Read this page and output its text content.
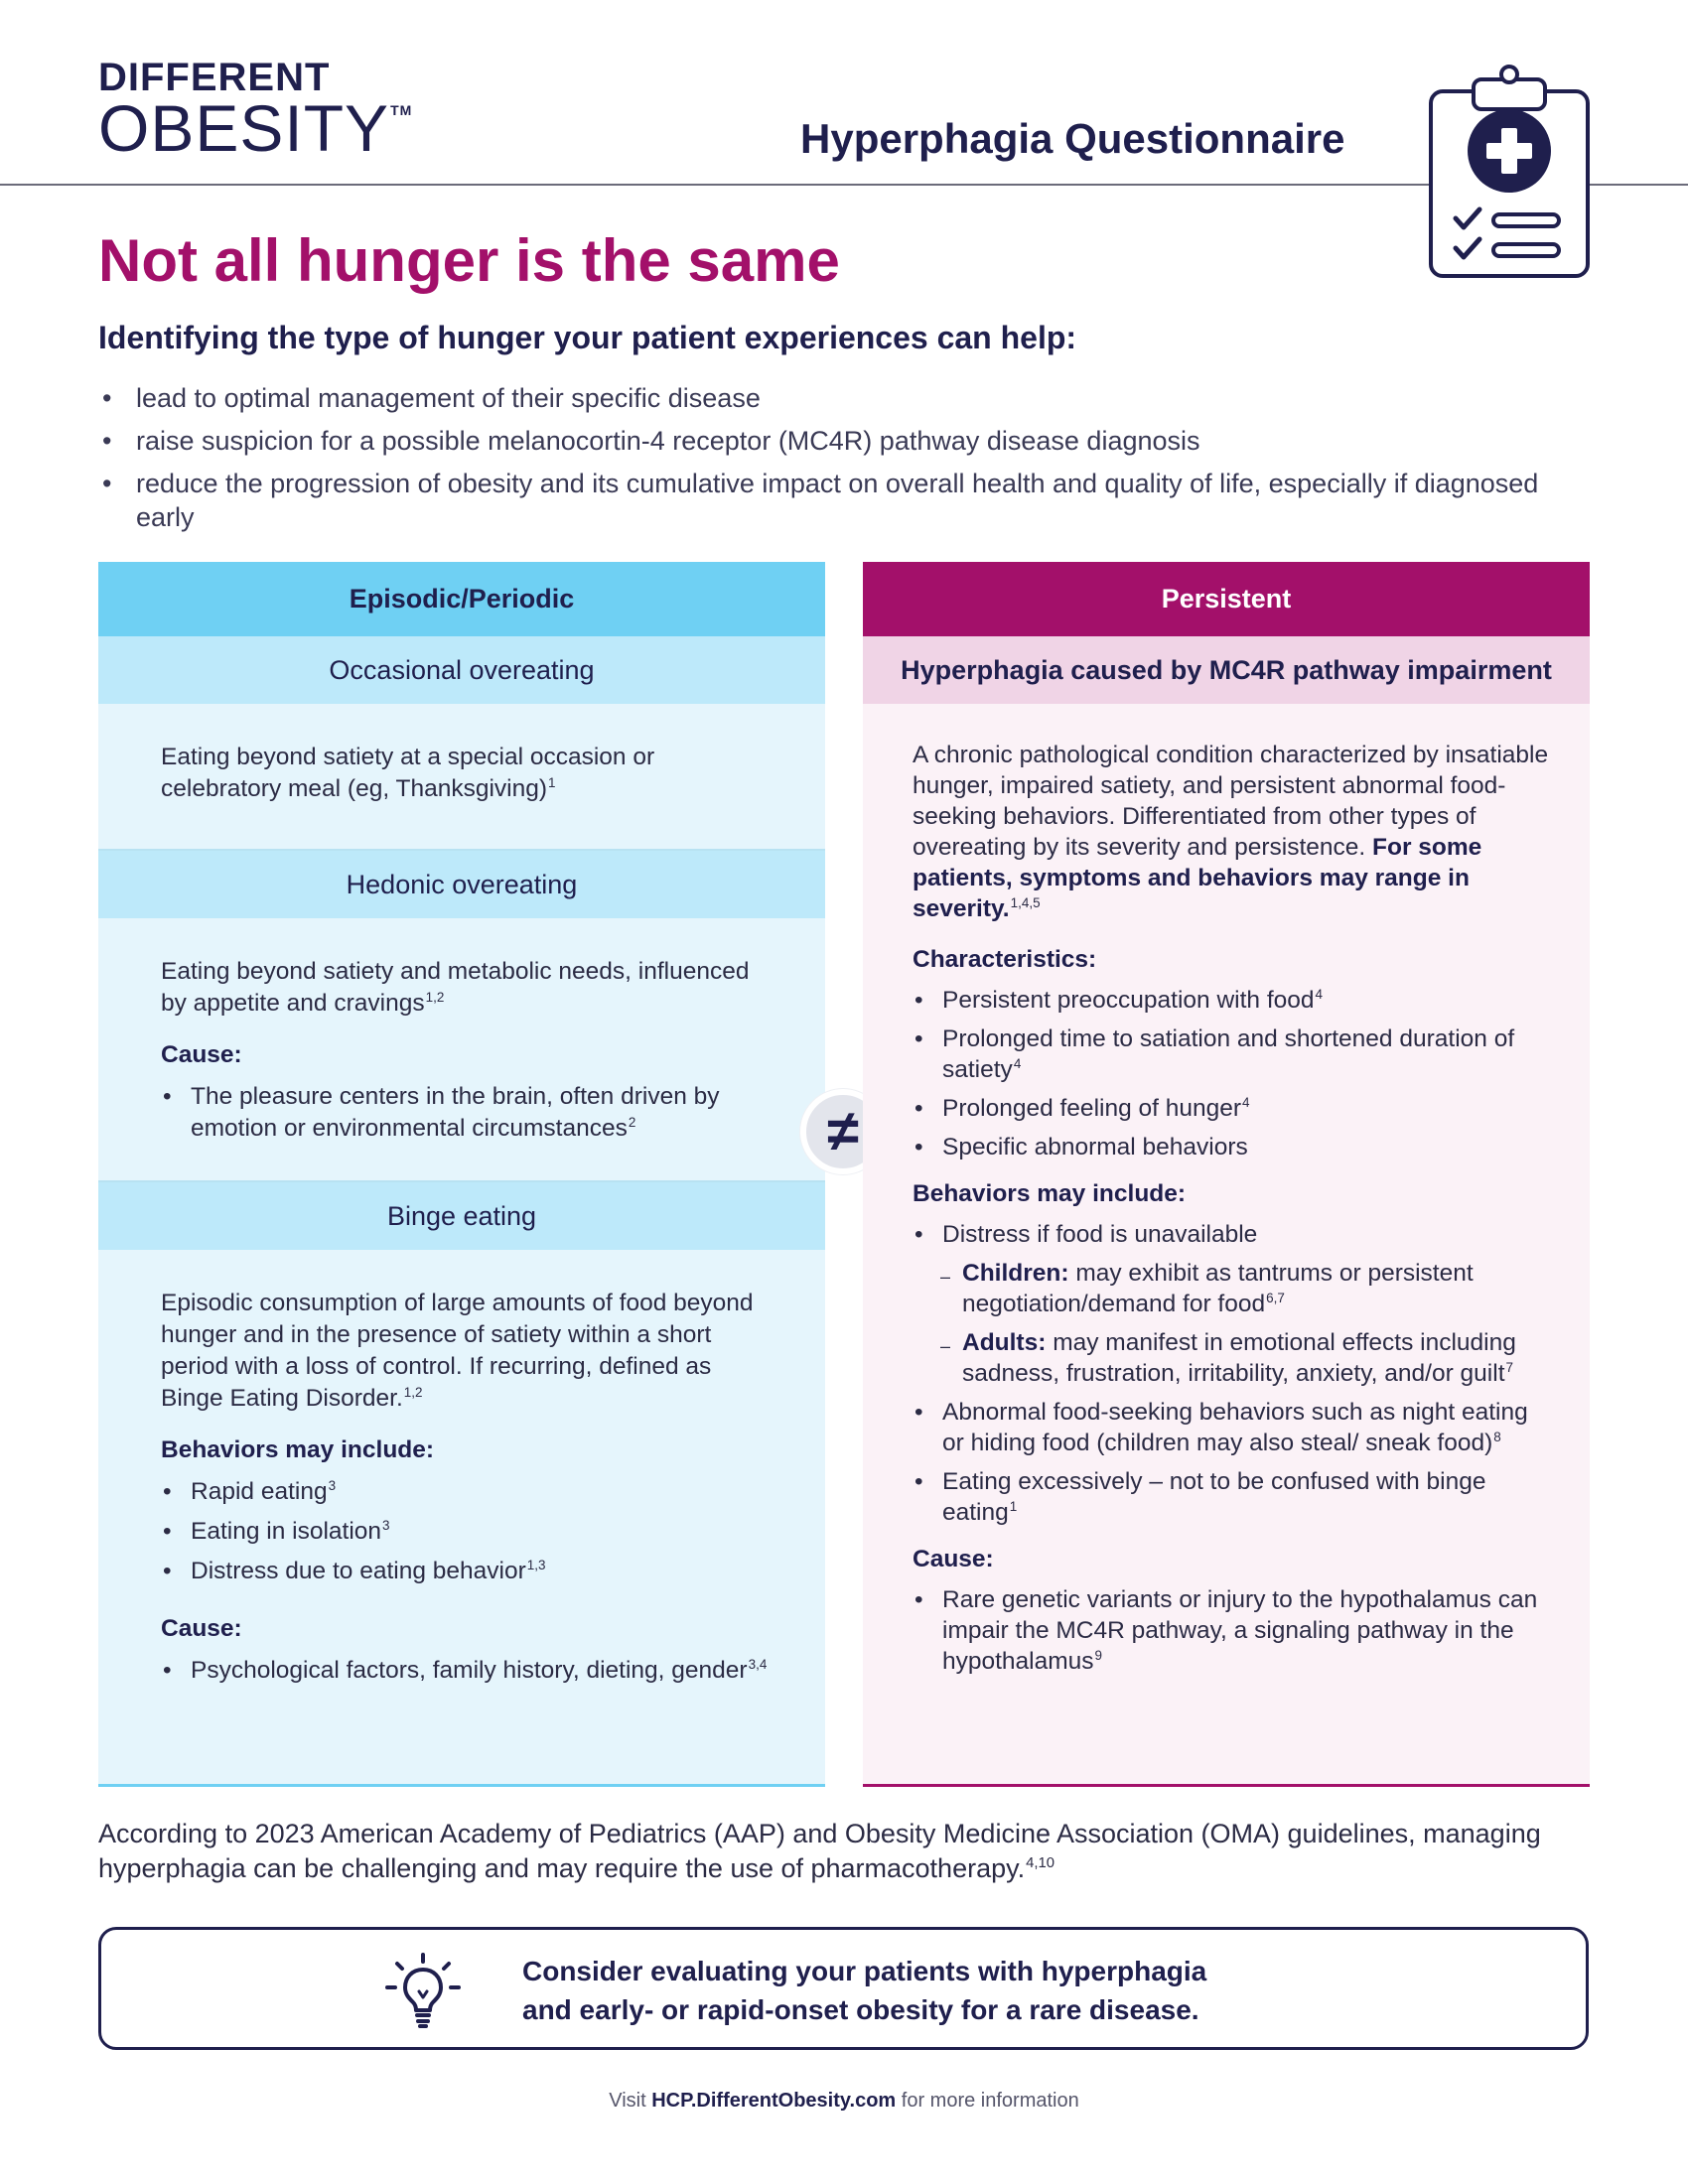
DIFFERENT
OBESITY™
Hyperphagia Questionnaire
Not all hunger is the same
Identifying the type of hunger your patient experiences can help:
• lead to optimal management of their specific disease
• raise suspicion for a possible melanocortin-4 receptor (MC4R) pathway disease diagnosis
• reduce the progression of obesity and its cumulative impact on overall health and quality of life, especially if diagnosed early
Episodic/Periodic
Occasional overeating

Eating beyond satiety at a special occasion or celebratory meal (eg, Thanksgiving)$^1$

Hedonic overeating

Eating beyond satiety and metabolic needs, influenced by appetite and cravings$^{1,2}$

Cause:
• The pleasure centers in the brain, often driven by emotion or environmental circumstances$^2$
Binge eating

Episodic consumption of large amounts of food beyond hunger and in the presence of satiety within a short period with a loss of control. If recurring, defined as Binge Eating Disorder.$^{1,2}$

Behaviors may include:
• Rapid eating$^3$
• Eating in isolation$^3$
• Distress due to eating behavior$^{1,3}$
Cause:
• Psychological factors, family history, dieting, gender$^{3,4}$
≠
Persistent
Hyperphagia caused by MC4R pathway impairment

A chronic pathological condition characterized by insatiable hunger, impaired satiety, and persistent abnormal food-seeking behaviors. Differentiated from other types of overeating by its severity and persistence. For some patients, symptoms and behaviors may range in severity.$^{1,4,5}$

Characteristics:
• Persistent preoccupation with food$^4$
• Prolonged time to satiation and shortened duration of satiety$^4$
• Prolonged feeling of hunger$^4$
• Specific abnormal behaviors
Behaviors may include:
• Distress if food is unavailable
– Children: may exhibit as tantrums or persistent negotiation/demand for food$^{6,7}$
– Adults: may manifest in emotional effects including sadness, frustration, irritability, anxiety, and/or guilt$^7$
• Abnormal food-seeking behaviors such as night eating or hiding food (children may also steal/ sneak food)$^8$
• Eating excessively – not to be confused with binge eating$^1$
Cause:
• Rare genetic variants or injury to the hypothalamus can impair the MC4R pathway, a signaling pathway in the hypothalamus$^9$

According to 2023 American Academy of Pediatrics (AAP) and Obesity Medicine Association (OMA) guidelines, managing hyperphagia can be challenging and may require the use of pharmacotherapy.$^{4,10}$

Consider evaluating your patients with hyperphagia
and early- or rapid-onset obesity for a rare disease.
Visit HCP.DifferentObesity.com for more information
